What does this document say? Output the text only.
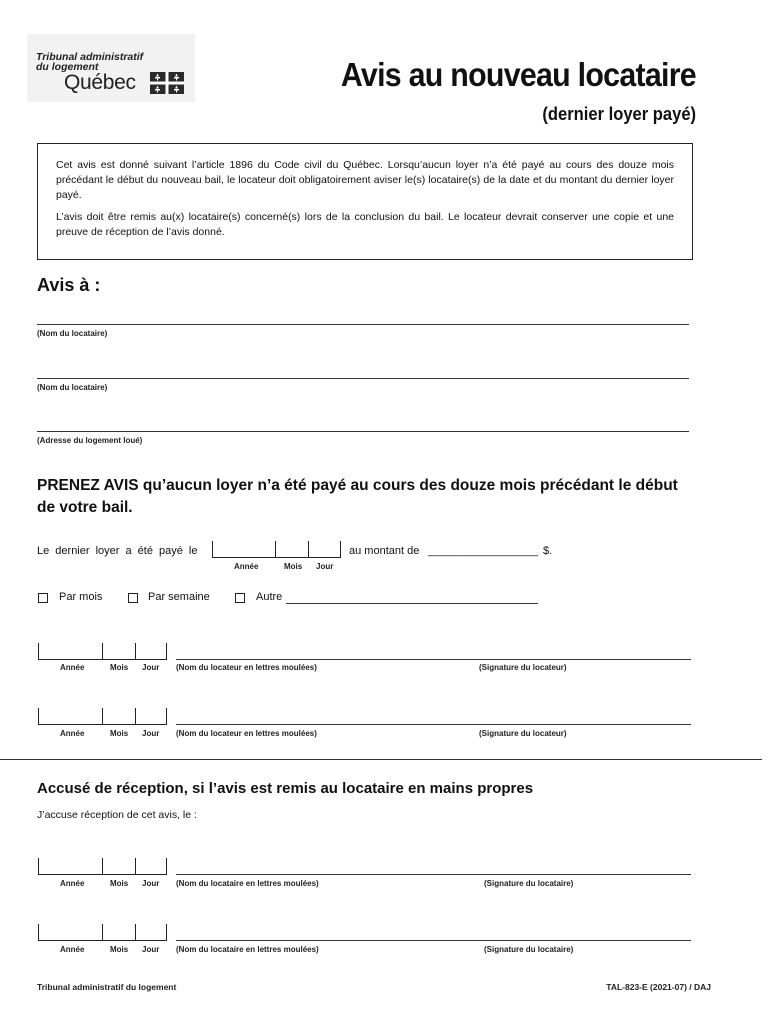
Tribunal administratif
du logement
Québec	Avis au nouveau locataire
(dernier loyer payé)

Cet avis est donné suivant l’article 1896 du Code civil du Québec. Lorsqu’aucun loyer n’a été payé au cours des douze mois précédant le début du nouveau bail, le locateur doit obligatoirement aviser le(s) locataire(s) de la date et du montant du dernier loyer payé.

L’avis doit être remis au(x) locataire(s) concerné(s) lors de la conclusion du bail. Le locateur devrait conserver une copie et une preuve de réception de l’avis donné.

Avis à :
(Nom du locataire)
(Nom du locataire)
(Adresse du logement loué)
PRENEZ AVIS qu’aucun loyer n’a été payé au cours des douze mois précédant le début de votre bail.
Le dernier loyer a été payé le
Année	Mois Jour
au montant de __________________ $.
Par mois	Par semaine	Autre
Année	Mois Jour (Nom du locateur en lettres moulées)	(Signature du locateur)
Année	Mois Jour (Nom du locateur en lettres moulées)	(Signature du locateur)
Accusé de réception, si l’avis est remis au locataire en mains propres
J’accuse réception de cet avis, le :
Année	Mois Jour (Nom du locataire en lettres moulées)	(Signature du locataire)
Année	Mois Jour (Nom du locataire en lettres moulées)	(Signature du locataire)
Tribunal administratif du logement	TAL-823-E (2021-07) / DAJ
